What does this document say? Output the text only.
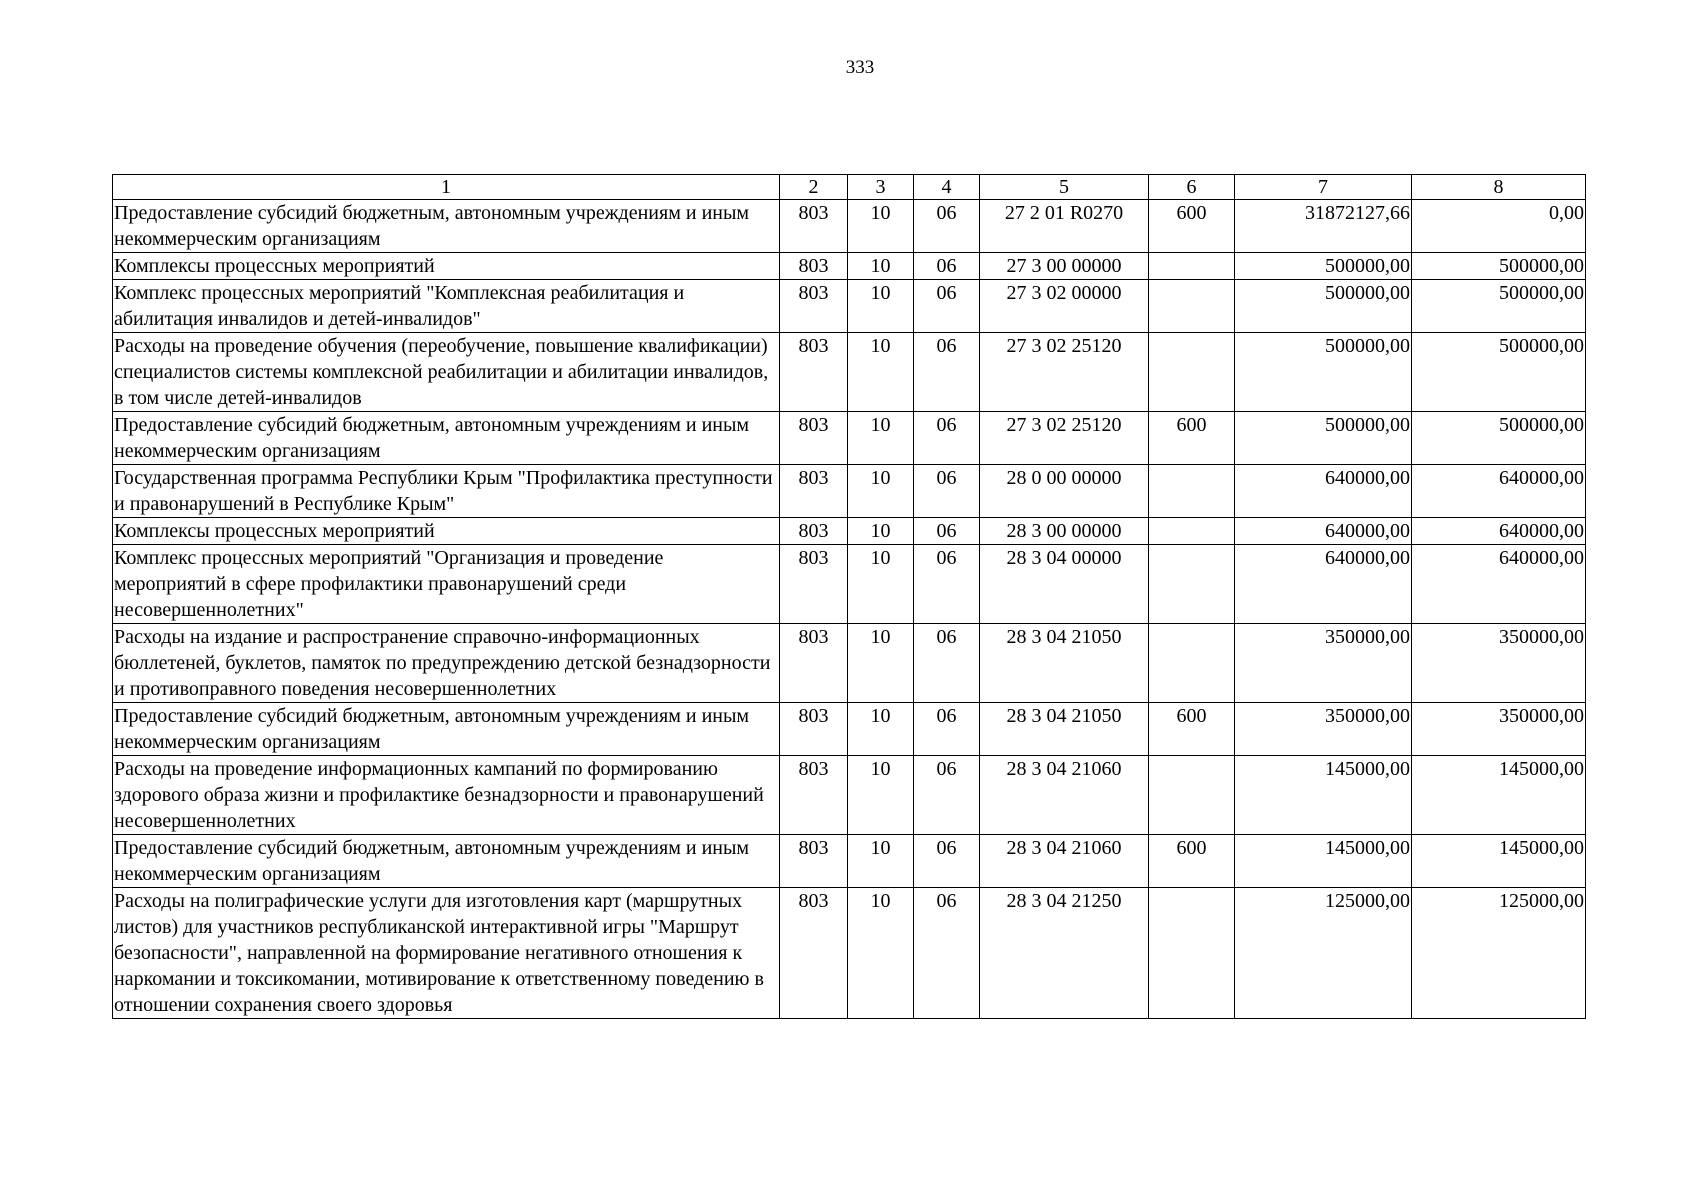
333
1	2	3	4	5	6	7	8
Предоставление субсидий бюджетным, автономным учреждениям и иным некоммерческим организациям	803	10	06	27 2 01 R0270	600	31872127,66	0,00
Комплексы процессных мероприятий	803	10	06	27 3 00 00000		500000,00	500000,00
Комплекс процессных мероприятий "Комплексная реабилитация и абилитация инвалидов и детей-инвалидов"	803	10	06	27 3 02 00000		500000,00	500000,00
Расходы на проведение обучения (переобучение, повышение квалификации) специалистов системы комплексной реабилитации и абилитации инвалидов, в том числе детей-инвалидов	803	10	06	27 3 02 25120		500000,00	500000,00
Предоставление субсидий бюджетным, автономным учреждениям и иным некоммерческим организациям	803	10	06	27 3 02 25120	600	500000,00	500000,00
Государственная программа Республики Крым "Профилактика преступности и правонарушений в Республике Крым"	803	10	06	28 0 00 00000		640000,00	640000,00
Комплексы процессных мероприятий	803	10	06	28 3 00 00000		640000,00	640000,00
Комплекс процессных мероприятий "Организация и проведение мероприятий в сфере профилактики правонарушений среди несовершеннолетних"	803	10	06	28 3 04 00000		640000,00	640000,00
Расходы на издание и распространение справочно-информационных бюллетеней, буклетов, памяток по предупреждению детской безнадзорности и противоправного поведения несовершеннолетних	803	10	06	28 3 04 21050		350000,00	350000,00
Предоставление субсидий бюджетным, автономным учреждениям и иным некоммерческим организациям	803	10	06	28 3 04 21050	600	350000,00	350000,00
Расходы на проведение информационных кампаний по формированию здорового образа жизни и профилактике безнадзорности и правонарушений несовершеннолетних	803	10	06	28 3 04 21060		145000,00	145000,00
Предоставление субсидий бюджетным, автономным учреждениям и иным некоммерческим организациям	803	10	06	28 3 04 21060	600	145000,00	145000,00
Расходы на полиграфические услуги для изготовления карт (маршрутных листов) для участников республиканской интерактивной игры "Маршрут безопасности", направленной на формирование негативного отношения к наркомании и токсикомании, мотивирование к ответственному поведению в отношении сохранения своего здоровья	803	10	06	28 3 04 21250		125000,00	125000,00
